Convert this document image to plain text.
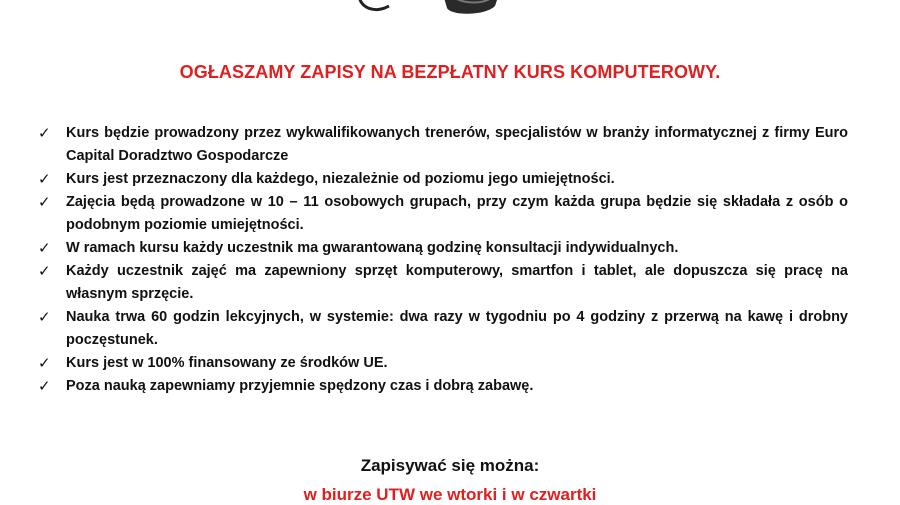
OGŁASZAMY ZAPISY NA BEZPŁATNY KURS KOMPUTEROWY.
✓	Kurs będzie prowadzony przez wykwalifikowanych trenerów, specjalistów w branży informatycznej z firmy Euro Capital Doradztwo Gospodarcze
✓	Kurs jest przeznaczony dla każdego, niezależnie od poziomu jego umiejętności.
✓	Zajęcia będą prowadzone w 10 – 11 osobowych grupach, przy czym każda grupa będzie się składała z osób o podobnym poziomie umiejętności.
✓	W ramach kursu każdy uczestnik ma gwarantowaną godzinę konsultacji indywidualnych.
✓	Każdy uczestnik zajęć ma zapewniony sprzęt komputerowy, smartfon i tablet, ale dopuszcza się pracę na własnym sprzęcie.
✓	Nauka trwa 60 godzin lekcyjnych, w systemie: dwa razy w tygodniu po 4 godziny z przerwą na kawę i drobny poczęstunek.
✓	Kurs jest w 100% finansowany ze środków UE.
✓	Poza nauką zapewniamy przyjemnie spędzony czas i dobrą zabawę.
Zapisywać się można:
w biurze UTW we wtorki i w czwartki
